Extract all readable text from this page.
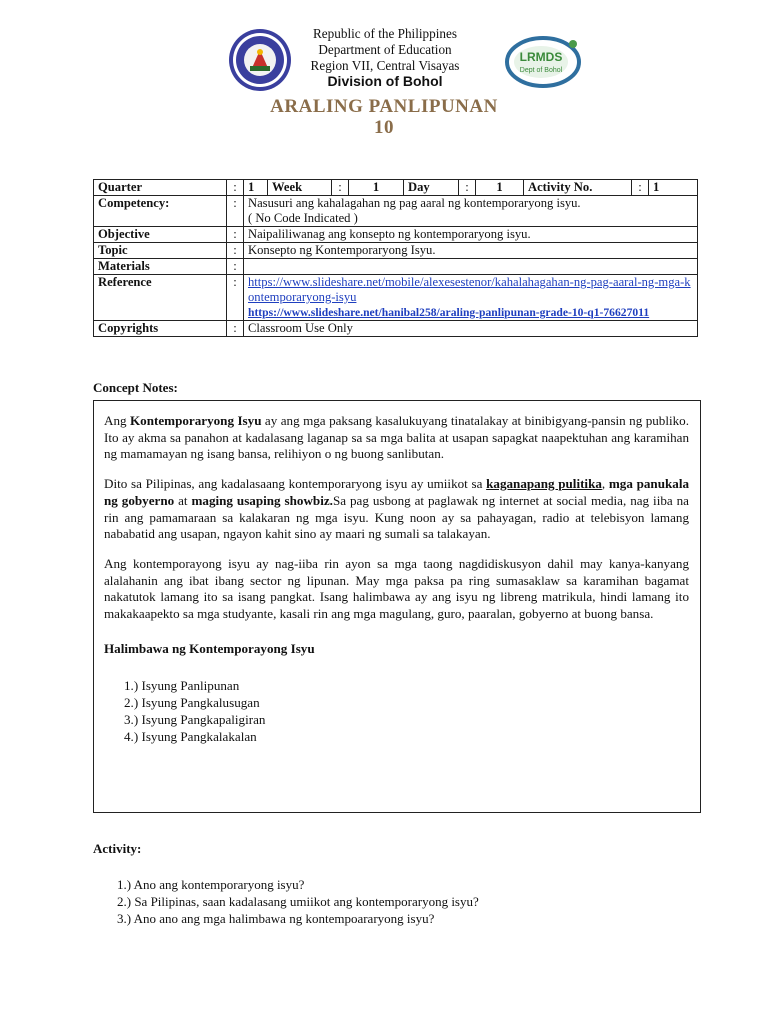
LRMDS
Dept of Bohol
Republic of the Philippines
Department of Education
Region VII, Central Visayas
Division of Bohol
ARALING PANLIPUNAN
10
Quarter	:	1	Week	:	1	Day	:	1	Activity No.	:	1
Competency:	:	Nasusuri ang kahalagahan ng pag aaral ng kontemporaryong isyu.
( No Code Indicated )									

Objective	:	Naipaliliwanag ang konsepto ng kontemporaryong isyu.									
Topic	:	Konsepto ng Kontemporaryong Isyu.									
Materials	:										
Reference	:	https://www.slideshare.net/mobile/alexesestenor/kahalahagahan-ng-pag-aaral-ng-mga-kontemporaryong-isyu
https://www.slideshare.net/hanibal258/araling-panlipunan-grade-10-q1-76627011									

Copyrights	:	Classroom Use Only									
Concept Notes:

Ang Kontemporaryong Isyu ay ang mga paksang kasalukuyang tinatalakay at binibigyang-pansin ng publiko. Ito ay akma sa panahon at kadalasang laganap sa sa mga balita at usapan sapagkat naapektuhan ang karamihan ng mamamayan ng isang bansa, relihiyon o ng buong sanlibutan.

Dito sa Pilipinas, ang kadalasaang kontemporaryong isyu ay umiikot sa kaganapang pulitika, mga panukala ng gobyerno at maging usaping showbiz.Sa pag usbong at paglawak ng internet at social media, nag iiba na rin ang pamamaraan sa kalakaran ng mga isyu. Kung noon ay sa pahayagan, radio at telebisyon lamang nababatid ang usapan, ngayon kahit sino ay maari ng sumali sa talakayan.

Ang kontemporayong isyu ay nag-iiba rin ayon sa mga taong nagdidiskusyon dahil may kanya-kanyang alalahanin ang ibat ibang sector ng lipunan. May mga paksa pa ring sumasaklaw sa karamihan bagamat nakatutok lamang ito sa isang pangkat. Isang halimbawa ay ang isyu ng libreng matrikula, hindi lamang ito makakaapekto sa mga studyante, kasali rin ang mga magulang, guro, paaralan, gobyerno at buong bansa.

Halimbawa ng Kontemporayong Isyu
1.) Isyung Panlipunan
2.) Isyung Pangkalusugan
3.) Isyung Pangkapaligiran
4.) Isyung Pangkalakalan
Activity:
1.) Ano ang kontemporaryong isyu?
2.) Sa Pilipinas, saan kadalasang umiikot ang kontemporaryong isyu?
3.) Ano ano ang mga halimbawa ng kontempoararyong isyu?
